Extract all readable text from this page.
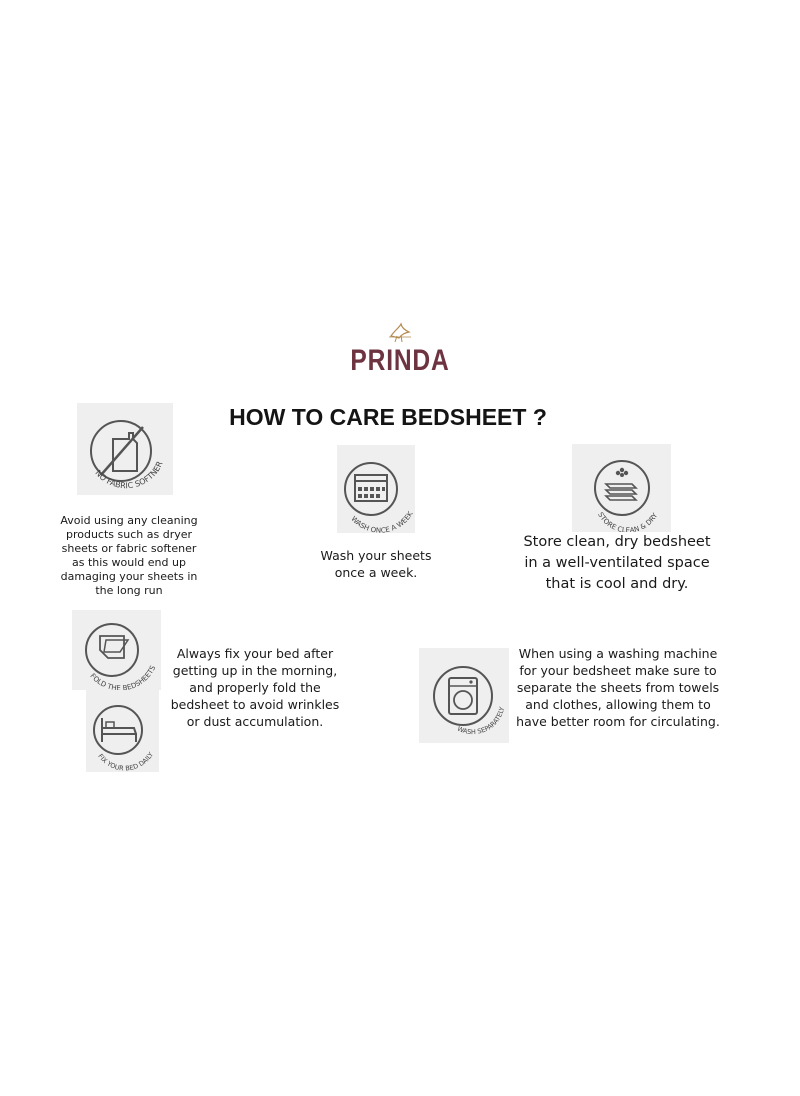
PRINDA
HOW TO CARE BEDSHEET ?
NO FABRIC SOFTNER
Avoid using any cleaning products such as dryer sheets or fabric softener as this would end up damaging your sheets in the long run
WASH ONCE A WEEK
Wash your sheets once a week.
STORE CLEAN & DRY
Store clean, dry bedsheet in a well-ventilated space that is cool and dry.
FOLD THE BEDSHEETS
FIX YOUR BED DAILY
Always fix your bed after getting up in the morning, and properly fold the bedsheet to avoid wrinkles or dust accumulation.
WASH SEPARATELY
When using a washing machine for your bedsheet make sure to separate the sheets from towels and clothes, allowing them to have better room for circulating.
